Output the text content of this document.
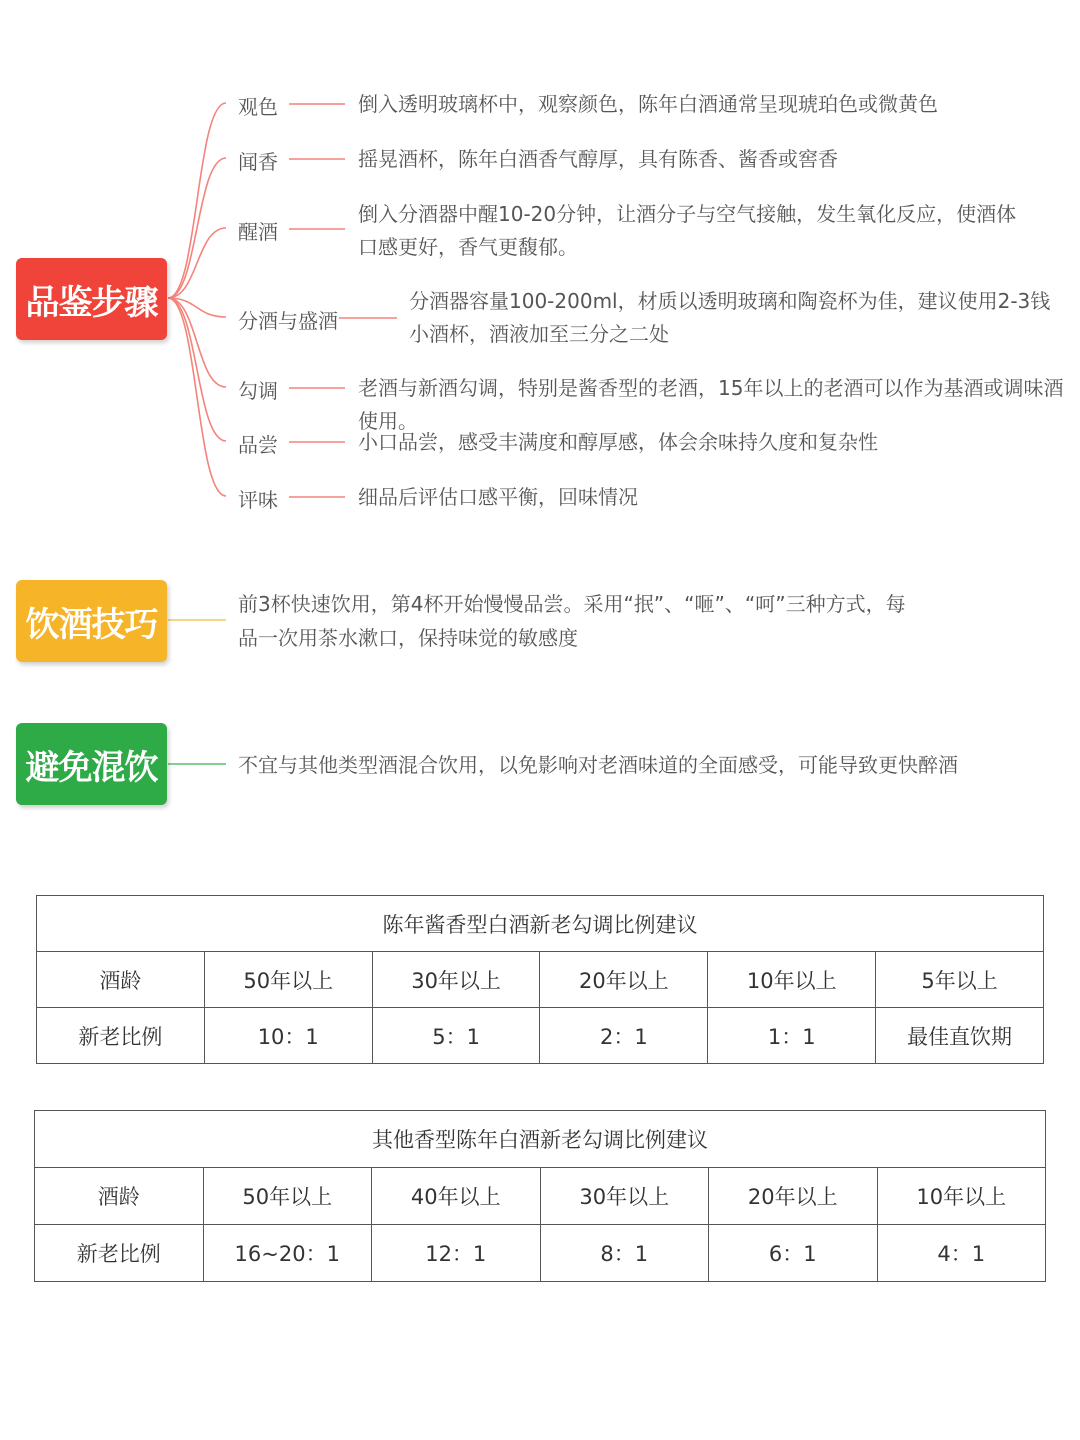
品鉴步骤
饮酒技巧
避免混饮
观色
闻香
醒酒
分酒与盛酒
勾调
品尝
评味
倒入透明玻璃杯中，观察颜色，陈年白酒通常呈现琥珀色或微黄色
摇晃酒杯，陈年白酒香气醇厚，具有陈香、酱香或窖香
倒入分酒器中醒10-20分钟，让酒分子与空气接触，发生氧化反应，使酒体口感更好，香气更馥郁。
分酒器容量100-200ml，材质以透明玻璃和陶瓷杯为佳，建议使用2-3钱小酒杯，酒液加至三分之二处
老酒与新酒勾调，特别是酱香型的老酒，15年以上的老酒可以作为基酒或调味酒使用。
小口品尝，感受丰满度和醇厚感，体会余味持久度和复杂性
细品后评估口感平衡，回味情况
前3杯快速饮用，第4杯开始慢慢品尝。采用“抿”、“咂”、“呵”三种方式，每品一次用茶水漱口，保持味觉的敏感度
不宜与其他类型酒混合饮用，以免影响对老酒味道的全面感受，可能导致更快醉酒
陈年酱香型白酒新老勾调比例建议					
酒龄	50年以上	30年以上	20年以上	10年以上	5年以上
新老比例	10：1	5：1	2：1	1：1	最佳直饮期
其他香型陈年白酒新老勾调比例建议					
酒龄	50年以上	40年以上	30年以上	20年以上	10年以上
新老比例	16~20：1	12：1	8：1	6：1	4：1
